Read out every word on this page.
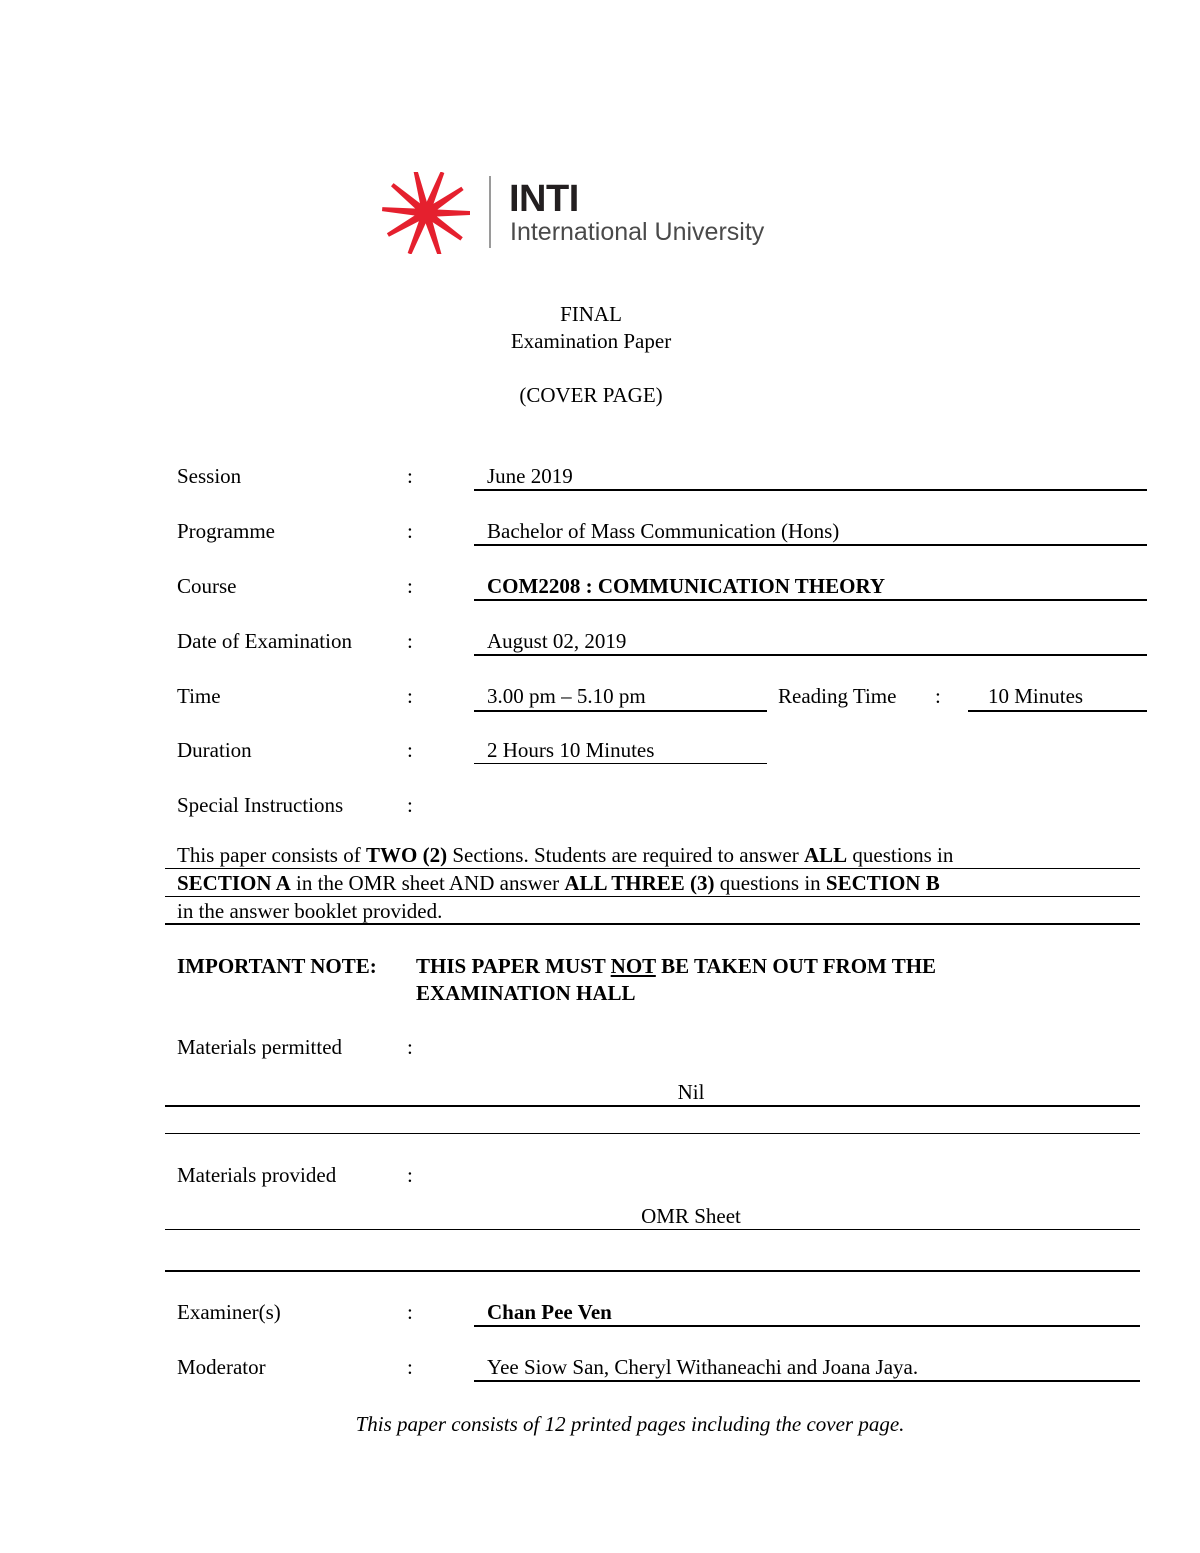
INTI
International University
FINAL
Examination Paper
(COVER PAGE)
Session	:	June 2019
Programme	:	Bachelor of Mass Communication (Hons)
Course	:	COM2208 : COMMUNICATION THEORY
Date of Examination	:	August 02, 2019
Time	:	3.00 pm – 5.10 pm	Reading Time : 10 Minutes
Duration	:	2 Hours 10 Minutes
Special Instructions	:
This paper consists of TWO (2) Sections. Students are required to answer ALL questions in
SECTION A in the OMR sheet AND answer ALL THREE (3) questions in SECTION B
in the answer booklet provided.
IMPORTANT NOTE: THIS PAPER MUST NOT BE TAKEN OUT FROM THE
EXAMINATION HALL
Materials permitted	:
Nil
Materials provided	:
OMR Sheet
Examiner(s)	:	Chan Pee Ven
Moderator	:	Yee Siow San, Cheryl Withaneachi and Joana Jaya.
This paper consists of 12 printed pages including the cover page.
